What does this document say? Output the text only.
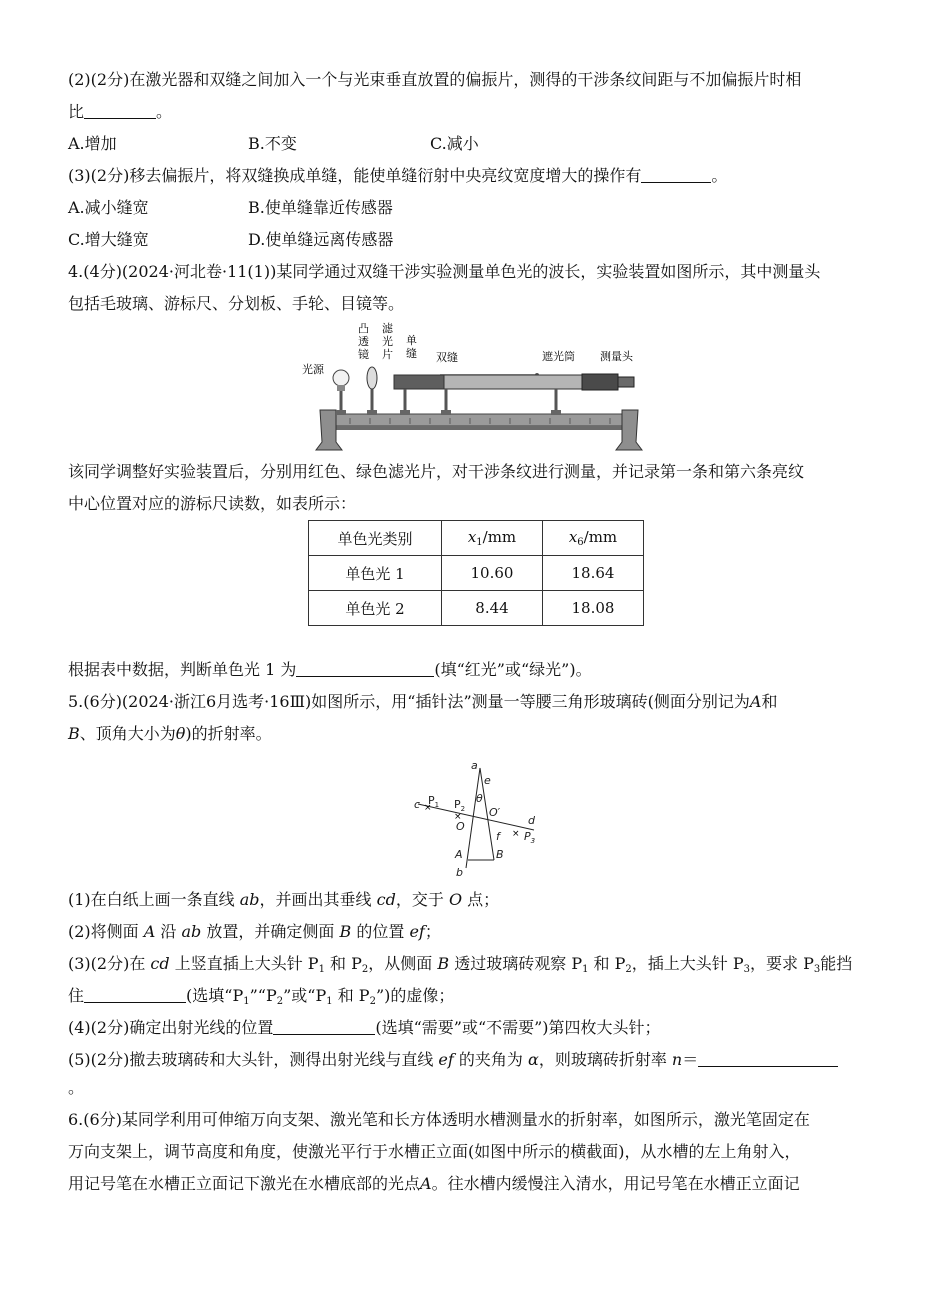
(2)(2分)在激光器和双缝之间加入一个与光束垂直放置的偏振片，测得的干涉条纹间距与不加偏振片时相
比	。
A.增加	B.不变	C.减小
(3)(2分)移去偏振片，将双缝换成单缝，能使单缝衍射中央亮纹宽度增大的操作有	。
A.减小缝宽	B.使单缝靠近传感器
C.增大缝宽	D.使单缝远离传感器
4.(4分)(2024·河北卷·11(1))某同学通过双缝干涉实验测量单色光的波长，实验装置如图所示，其中测量头
包括毛玻璃、游标尺、分划板、手轮、目镜等。
光源
凸透镜
滤光片
单缝 双缝	遮光筒 测量头
该同学调整好实验装置后，分别用红色、绿色滤光片，对干涉条纹进行测量，并记录第一条和第六条亮纹
中心位置对应的游标尺读数，如表所示：
单色光类别	$x_1/mm$	$x_6/mm$
单色光 1	10.60	18.64
单色光 2	8.44	18.08
根据表中数据，判断单色光 1 为	(填“红光”或“绿光”)。
5.(6分)(2024·浙江6月选考·16Ⅲ)如图所示，用“插针法”测量一等腰三角形玻璃砖(侧面分别记为A和
B、顶角大小为θ)的折射率。
×
×
×
a
b
c
d
e
f
θ
O
O′
A	B
$P_1$ $P_2$
$P_3$
(1)在白纸上画一条直线 ab，并画出其垂线 cd，交于 O 点；
(2)将侧面 A 沿 ab 放置，并确定侧面 B 的位置 ef；
(3)(2分)在 cd 上竖直插上大头针 $P_1$ 和 $P_2$，从侧面 B 透过玻璃砖观察 $P_1$ 和 $P_2$，插上大头针 $P_3$，要求 $P_3$能挡
住	(选填“$P_1”“P_2$”或“$P_1$ 和 $P_2$”)的虚像；
(4)(2分)确定出射光线的位置	(选填“需要”或“不需要”)第四枚大头针；
(5)(2分)撤去玻璃砖和大头针，测得出射光线与直线 ef 的夹角为 α，则玻璃砖折射率 n＝
。
6.(6分)某同学利用可伸缩万向支架、激光笔和长方体透明水槽测量水的折射率，如图所示，激光笔固定在
万向支架上，调节高度和角度，使激光平行于水槽正立面(如图中所示的横截面)，从水槽的左上角射入，
用记号笔在水槽正立面记下激光在水槽底部的光点A。往水槽内缓慢注入清水，用记号笔在水槽正立面记
